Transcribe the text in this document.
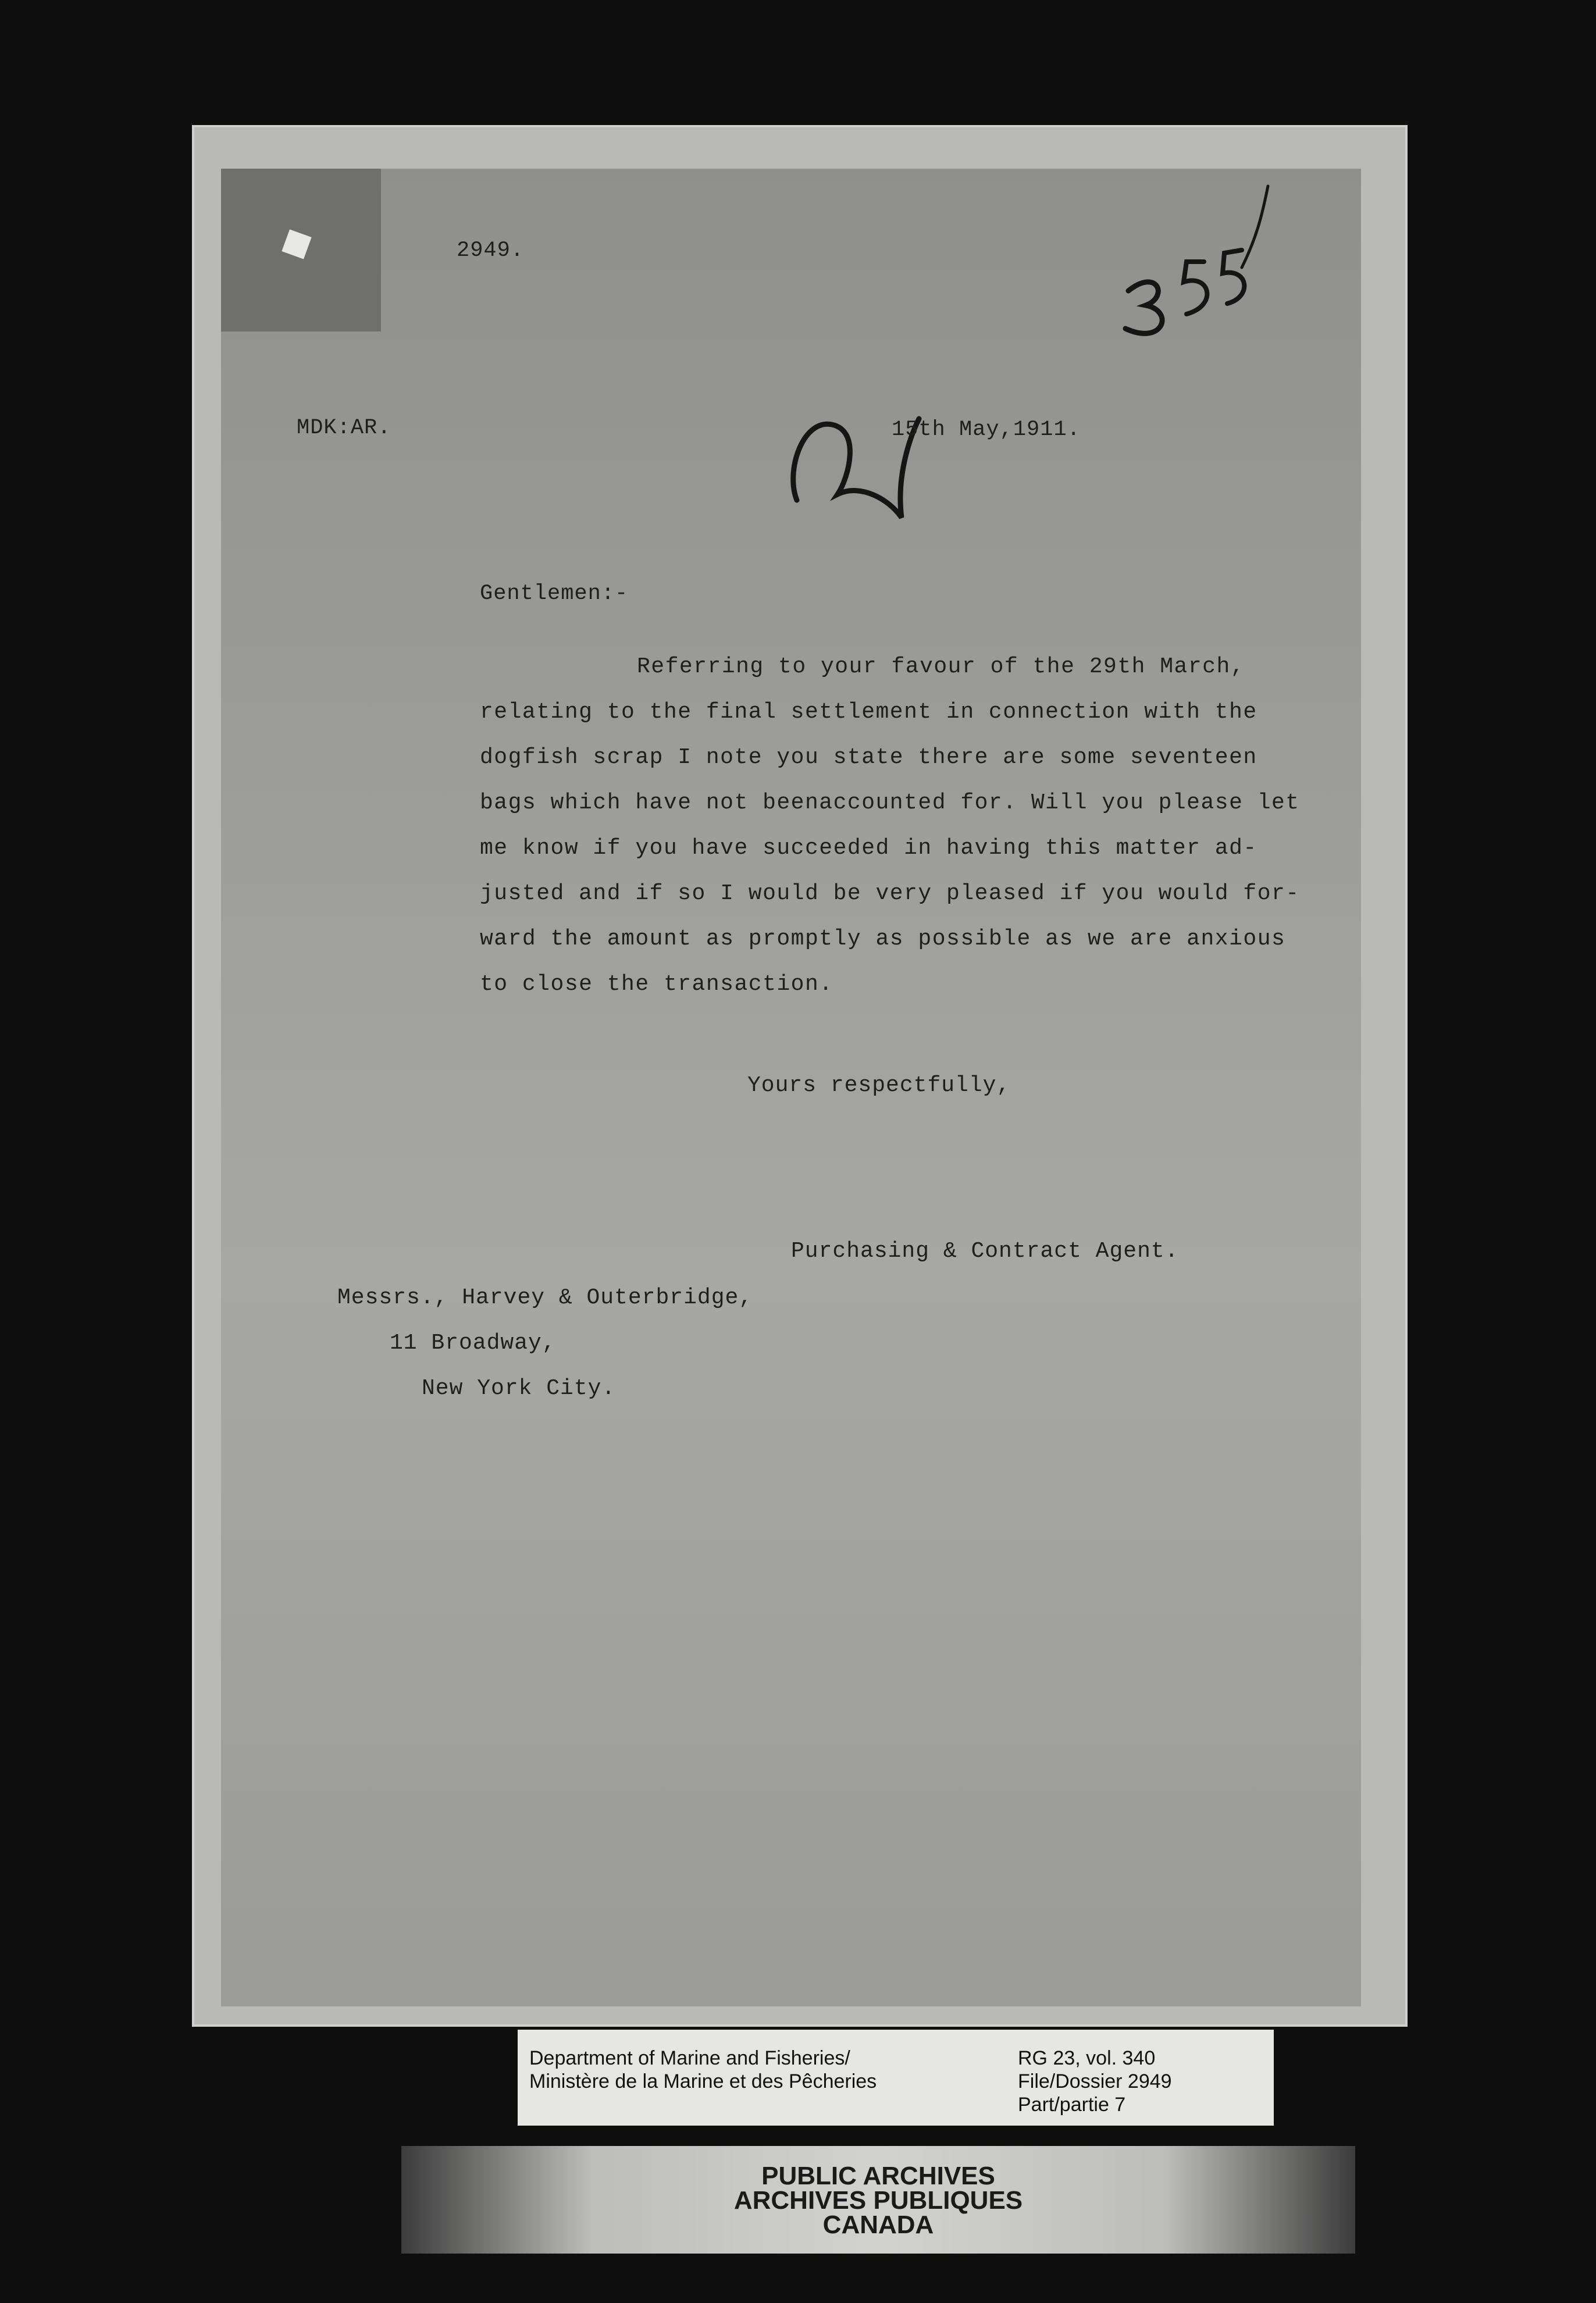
2949.
MDK:AR.	15th May,1911.
Gentlemen:-
Referring to your favour of the 29th March,
relating to the final settlement in connection with the
dogfish scrap I note you state there are some seventeen
bags which have not beenaccounted for. Will you please let
me know if you have succeeded in having this matter ad-
justed and if so I would be very pleased if you would for-
ward the amount as promptly as possible as we are anxious
to close the transaction.
Yours respectfully,
Purchasing & Contract Agent.
Messrs., Harvey & Outerbridge,
11 Broadway,
New York City.
Department of Marine and Fisheries/
Ministère de la Marine et des Pêcheries
RG 23, vol. 340
File/Dossier 2949
Part/partie 7
PUBLIC ARCHIVES
ARCHIVES PUBLIQUES
CANADA
